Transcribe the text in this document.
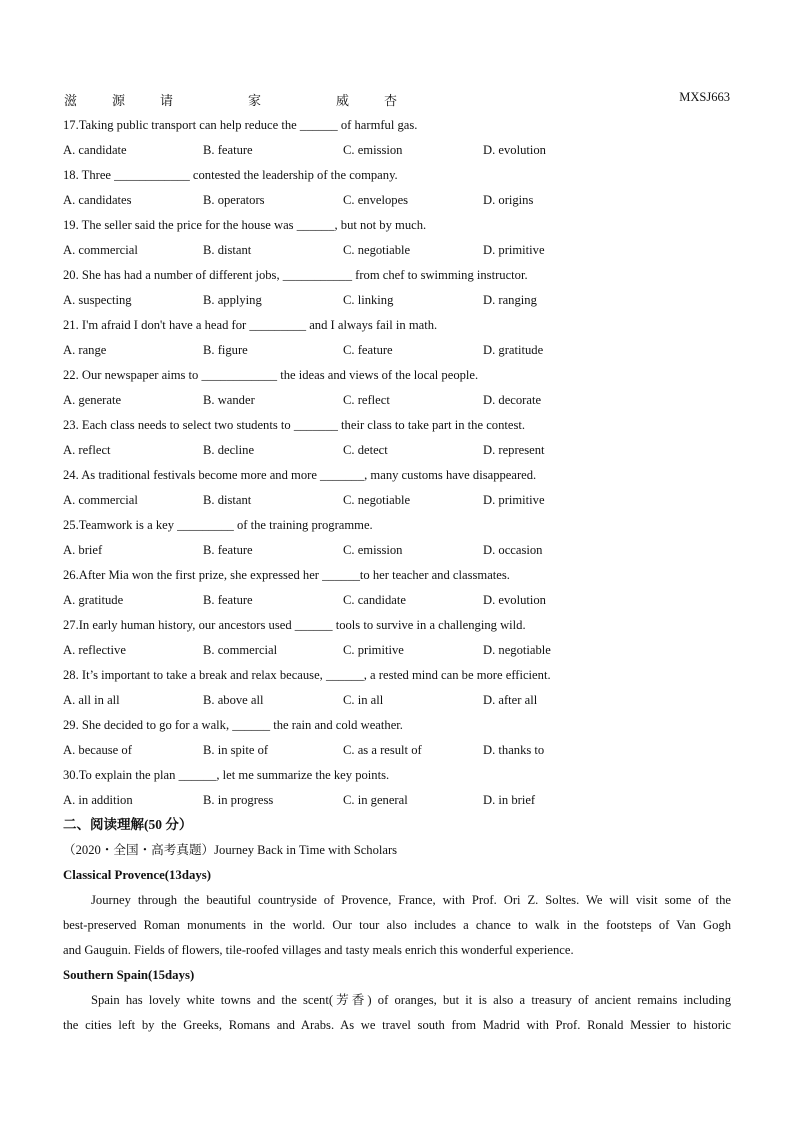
滋	源	请	家	威	杏	MXSJ663
17.Taking public transport can help reduce the ______ of harmful gas.
A. candidate	B. feature	C. emission	D. evolution
18. Three ____________ contested the leadership of the company.
A. candidates	B. operators	C. envelopes	D. origins
19. The seller said the price for the house was ______, but not by much.
A. commercial	B. distant	C. negotiable	D. primitive
20. She has had a number of different jobs, ___________ from chef to swimming instructor.
A. suspecting	B. applying	C. linking	D. ranging
21. I'm afraid I don't have a head for _________ and I always fail in math.
A. range	B. figure	C. feature	D. gratitude
22. Our newspaper aims to ____________ the ideas and views of the local people.
A. generate	B. wander	C. reflect	D. decorate
23. Each class needs to select two students to _______ their class to take part in the contest.
A. reflect	B. decline	C. detect	D. represent
24. As traditional festivals become more and more _______, many customs have disappeared.
A. commercial	B. distant	C. negotiable	D. primitive
25.Teamwork is a key _________ of the training programme.
A. brief	B. feature	C. emission	D. occasion
26.After Mia won the first prize, she expressed her ______to her teacher and classmates.
A. gratitude	B. feature	C. candidate	D. evolution
27.In early human history, our ancestors used ______ tools to survive in a challenging wild.
A. reflective	B. commercial	C. primitive	D. negotiable
28. It’s important to take a break and relax because, ______, a rested mind can be more efficient.
A. all in all	B. above all	C. in all	D. after all
29. She decided to go for a walk, ______ the rain and cold weather.
A. because of	B. in spite of	C. as a result of	D. thanks to
30.To explain the plan ______, let me summarize the key points.
A. in addition	B. in progress	C. in general	D. in brief
二、阅读理解(50 分）
（2020・全国・高考真题）Journey Back in Time with Scholars
Classical Provence(13days)
Journey through the beautiful countryside of Provence, France, with Prof. Ori Z. Soltes. We will visit some of the
best-preserved Roman monuments in the world. Our tour also includes a chance to walk in the footsteps of Van Gogh
and Gauguin. Fields of flowers, tile-roofed villages and tasty meals enrich this wonderful experience.
Southern Spain(15days)
Spain has lovely white towns and the scent(芳香) of oranges, but it is also a treasury of ancient remains including
the cities left by the Greeks, Romans and Arabs. As we travel south from Madrid with Prof. Ronald Messier to historic
